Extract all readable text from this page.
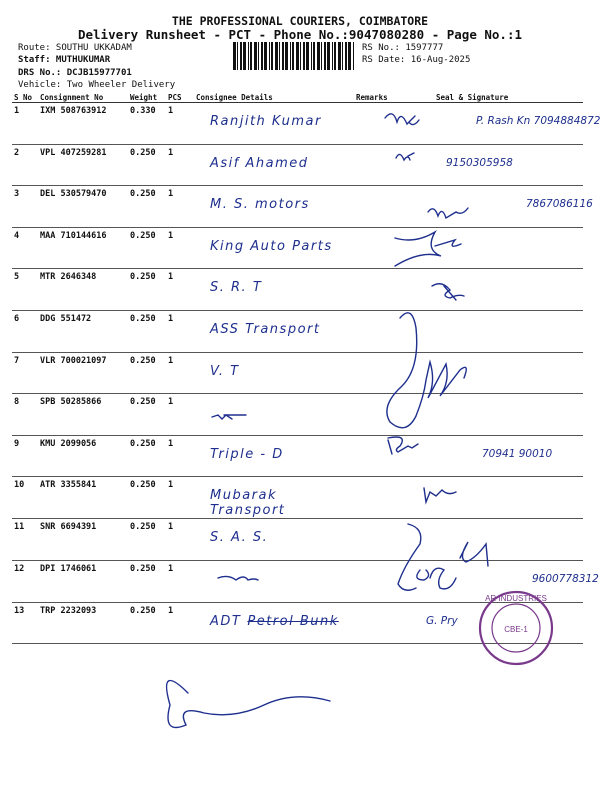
THE PROFESSIONAL COURIERS, COIMBATORE
Delivery Runsheet - PCT - Phone No.:9047080280 - Page No.:1
Route: SOUTHU UKKADAM
Staff: MUTHUKUMAR
DRS No.: DCJB15977701
Vehicle: Two Wheeler Delivery
RS No.: 1597777
RS Date: 16-Aug-2025
S No	Consignment No	Weight	PCS	Consignee Details	Remarks	Seal & Signature
1	IXM 508763912	0.330	1	Ranjith Kumar		P. Rash Kn 7094884872

2	VPL 407259281	0.250	1	Asif Ahamed		9150305958

3	DEL 530579470	0.250	1	M. S. motors		7867086116

4	MAA 710144616	0.250	1	King Auto Parts		

5	MTR 2646348	0.250	1	S. R. T		

6	DDG 551472	0.250	1	ASS Transport		

7	VLR 700021097	0.250	1	V. T		

8	SPB 50285866	0.250	1	

9	KMU 2099056	0.250	1	Triple - D		70941 90010

10	ATR 3355841	0.250	1	Mubarak Transport		

11	SNR 6694391	0.250	1	S. A. S.		

12	DPI 1746061	0.250	1			9600778312

13	TRP 2232093	0.250	1	ADT Petrol Bunk		G. Pry
AR INDUSTRIES
CBE-1
